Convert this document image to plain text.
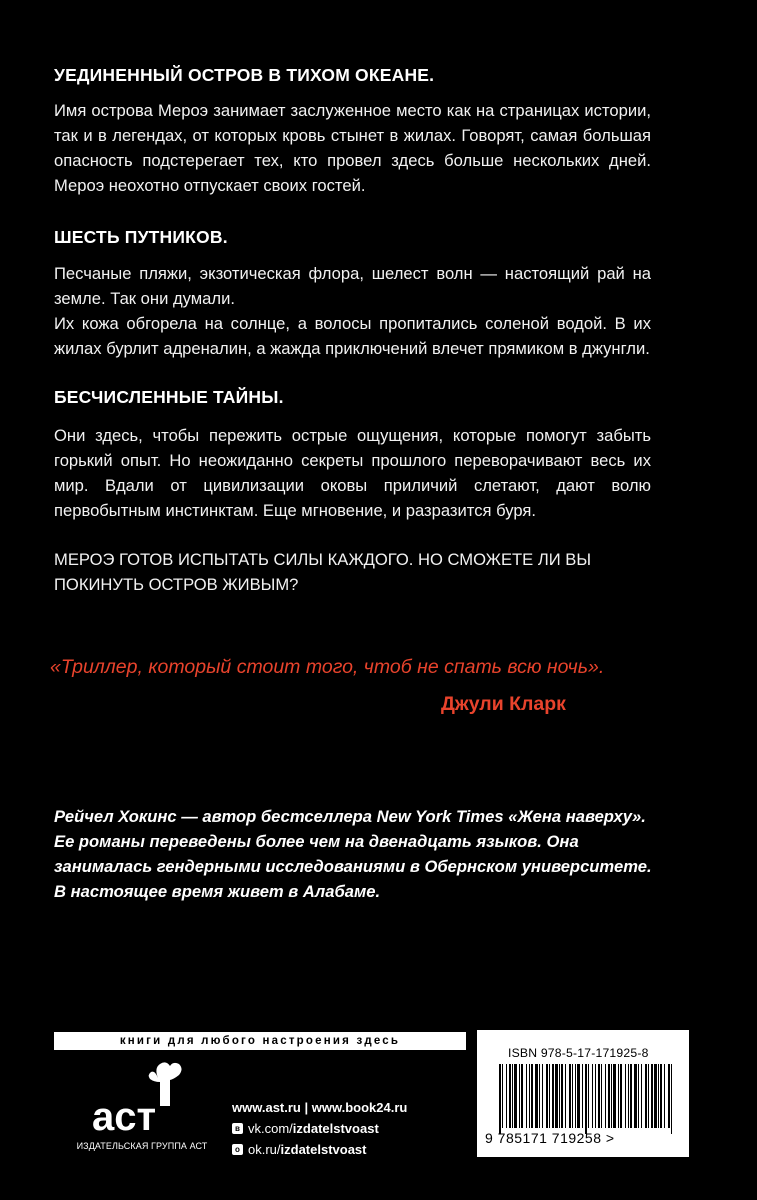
УЕДИНЕННЫЙ ОСТРОВ В ТИХОМ ОКЕАНЕ.

Имя острова Мероэ занимает заслуженное место как на страницах истории, так и в легендах, от которых кровь стынет в жилах. Говорят, самая большая опасность подстерегает тех, кто провел здесь больше нескольких дней. Мероэ неохотно отпускает своих гостей.

ШЕСТЬ ПУТНИКОВ.

Песчаные пляжи, экзотическая флора, шелест волн — настоящий рай на земле. Так они думали.

Их кожа обгорела на солнце, а волосы пропитались соленой водой. В их жилах бурлит адреналин, а жажда приключений влечет прямиком в джунгли.

БЕСЧИСЛЕННЫЕ ТАЙНЫ.

Они здесь, чтобы пережить острые ощущения, которые помогут забыть горький опыт. Но неожиданно секреты прошлого переворачивают весь их мир. Вдали от цивилизации оковы приличий слетают, дают волю первобытным инстинктам. Еще мгновение, и разразится буря.

МЕРОЭ ГОТОВ ИСПЫТАТЬ СИЛЫ КАЖДОГО. НО СМОЖЕТЕ ЛИ ВЫ ПОКИНУТЬ ОСТРОВ ЖИВЫМ?

«Триллер, который стоит того, чтоб не спать всю ночь».
Джули Кларк
Рейчел Хокинс — автор бестселлера New York Times «Жена наверху». Ее романы переведены более чем на двенадцать языков. Она занималась гендерными исследованиями в Обернском университете. В настоящее время живет в Алабаме.
книги для любого настроения здесь
аст
ИЗДАТЕЛЬСКАЯ ГРУППА АСТ
www.ast.ru | www.book24.ru
в vk.com/ izdatelstvoast
о ok.ru/ izdatelstvoast
ISBN 978-5-17-171925-8
9 785171 719258 >
